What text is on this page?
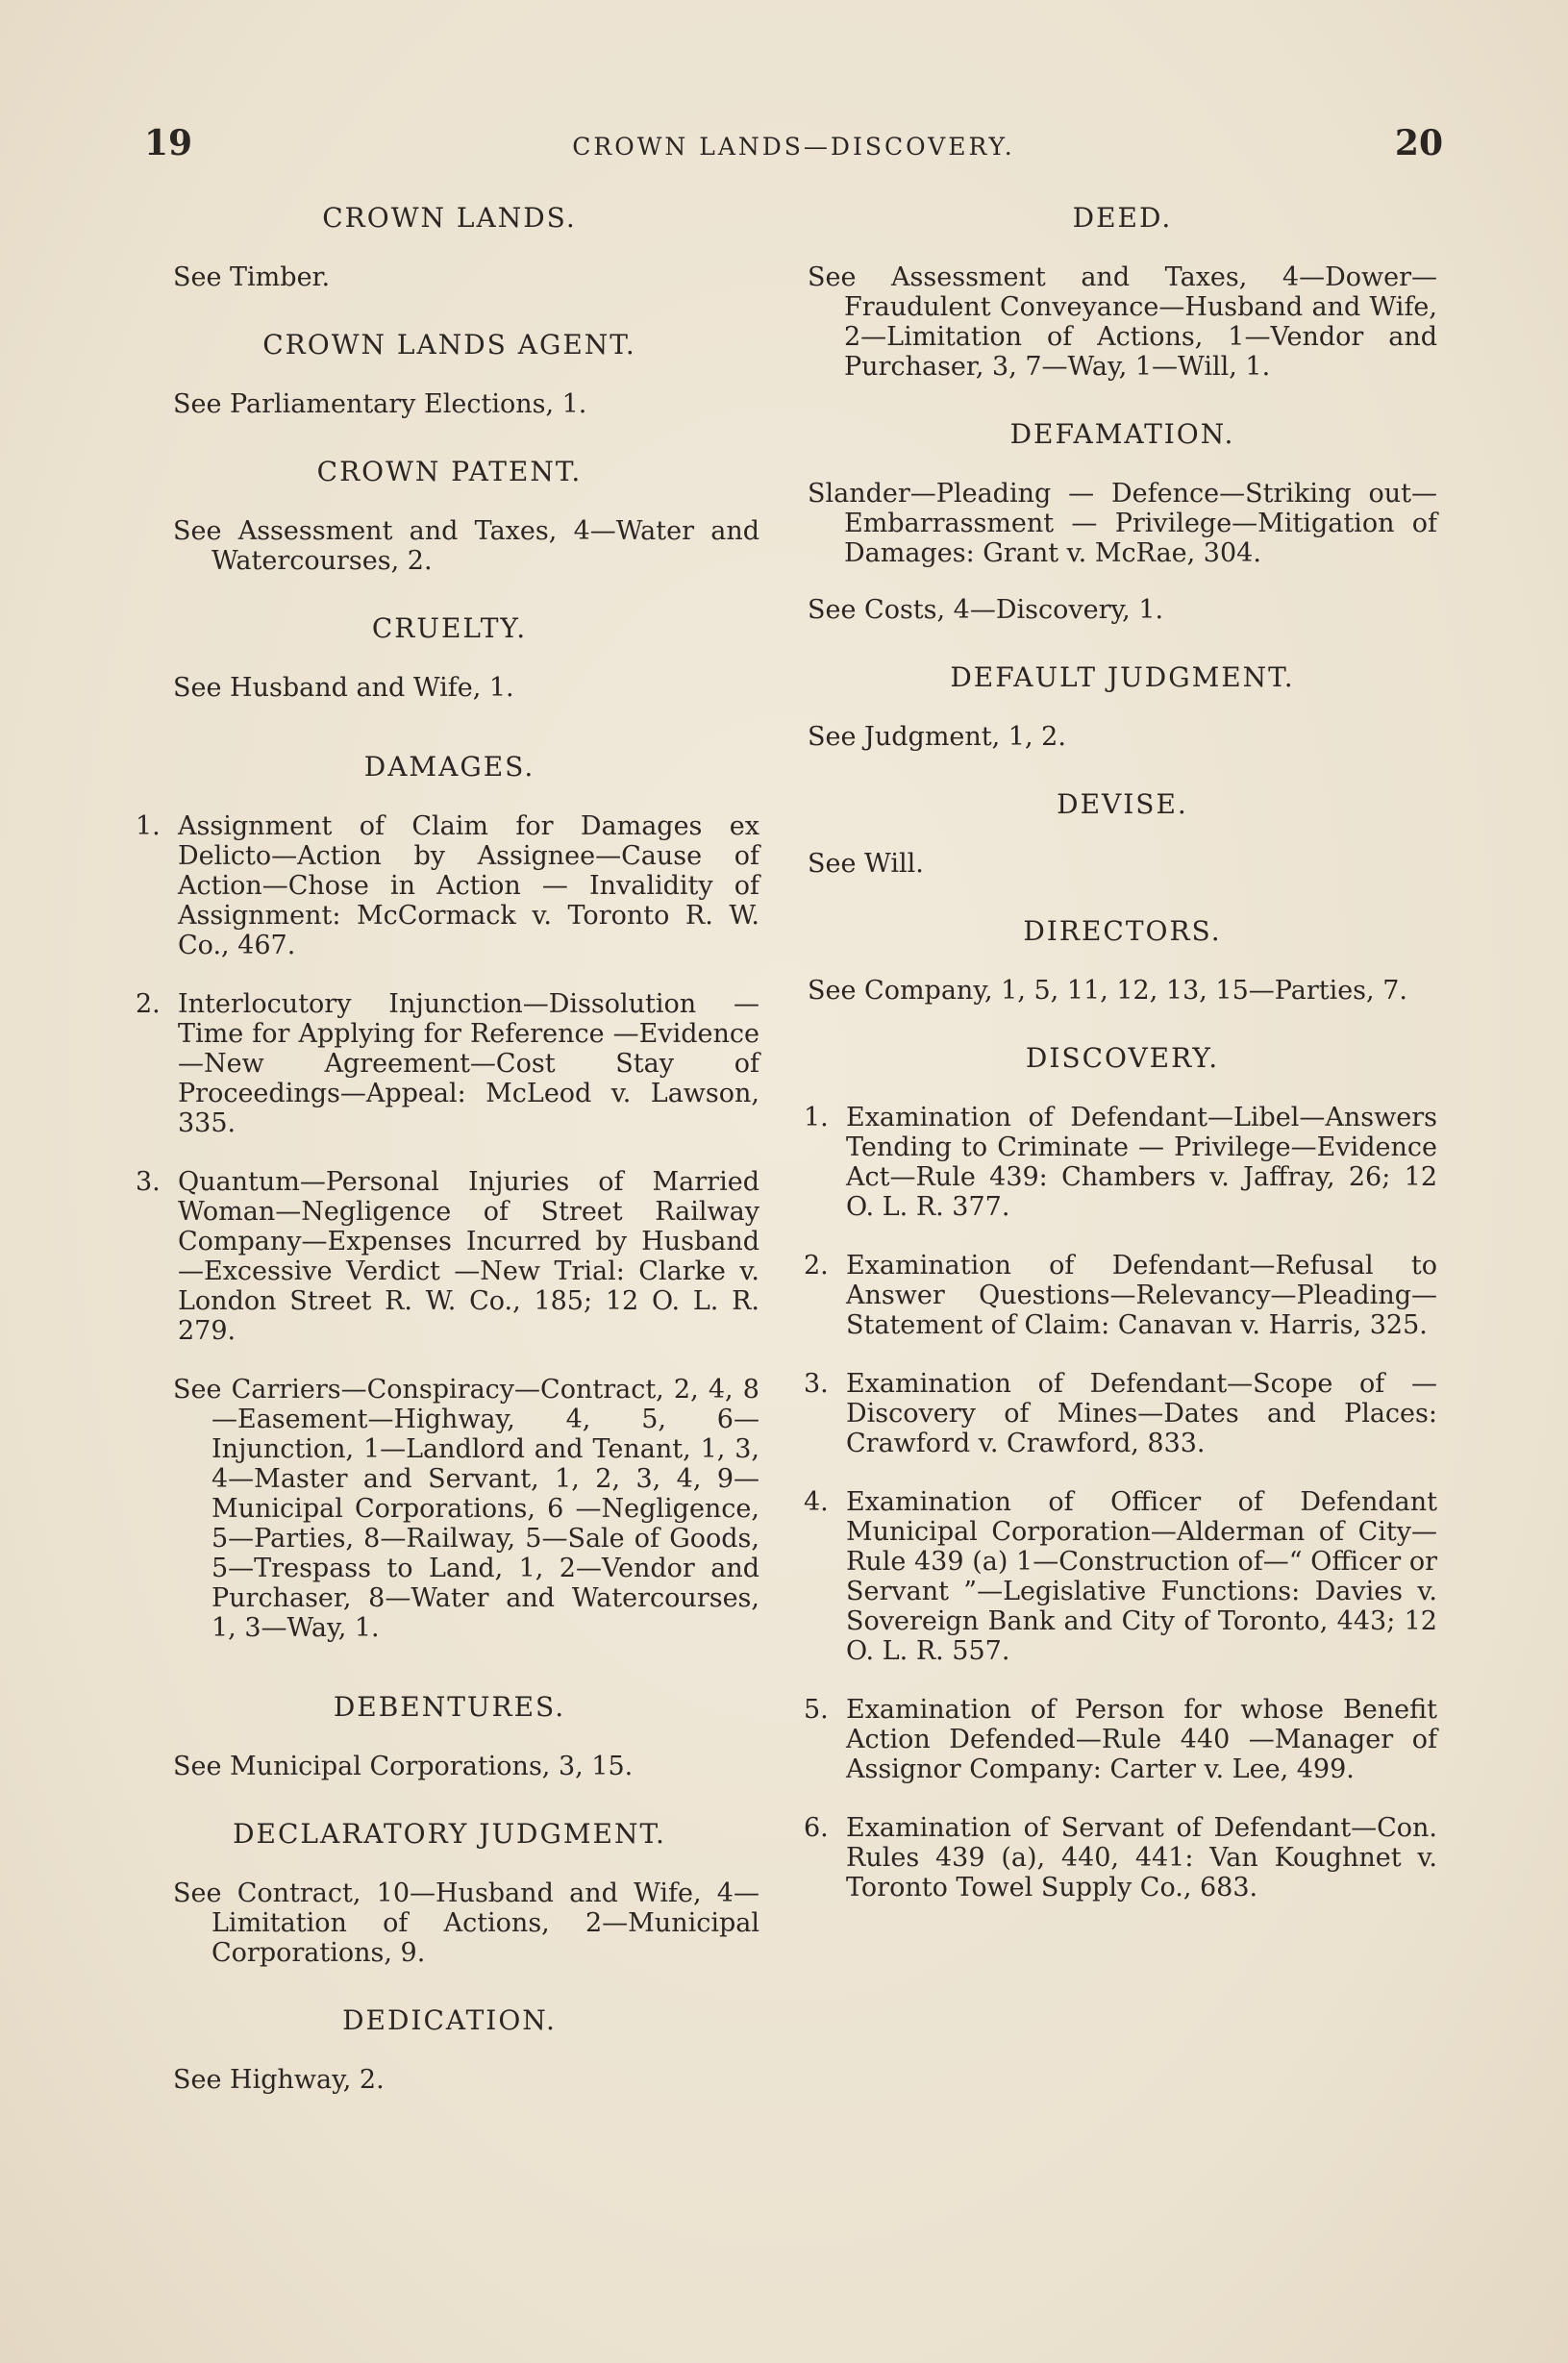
19	CROWN LANDS—DISCOVERY.	20
CROWN LANDS.
See Timber.
CROWN LANDS AGENT.
See Parliamentary Elections, 1.
CROWN PATENT.
See Assessment and Taxes, 4—Water and Watercourses, 2.
CRUELTY.
See Husband and Wife, 1.
DAMAGES.
1. Assignment of Claim for Damages ex Delicto—Action by Assignee—Cause of Action—Chose in Action — Invalidity of Assignment: McCormack v. Toronto R. W. Co., 467.
2. Interlocutory Injunction—Dissolution —Time for Applying for Reference —Evidence—New Agreement—Cost Stay of Proceedings—Appeal: McLeod v. Lawson, 335.
3. Quantum—Personal Injuries of Married Woman—Negligence of Street Railway Company—Expenses Incurred by Husband—Excessive Verdict —New Trial: Clarke v. London Street R. W. Co., 185; 12 O. L. R. 279.
See Carriers—Conspiracy—Contract, 2, 4, 8—Easement—Highway, 4, 5, 6—Injunction, 1—Landlord and Tenant, 1, 3, 4—Master and Servant, 1, 2, 3, 4, 9—Municipal Corporations, 6 —Negligence, 5—Parties, 8—Railway, 5—Sale of Goods, 5—Trespass to Land, 1, 2—Vendor and Purchaser, 8—Water and Watercourses, 1, 3—Way, 1.
DEBENTURES.
See Municipal Corporations, 3, 15.
DECLARATORY JUDGMENT.
See Contract, 10—Husband and Wife, 4—Limitation of Actions, 2—Municipal Corporations, 9.
DEDICATION.
See Highway, 2.
DEED.
See Assessment and Taxes, 4—Dower—Fraudulent Conveyance—Husband and Wife, 2—Limitation of Actions, 1—Vendor and Purchaser, 3, 7—Way, 1—Will, 1.
DEFAMATION.
Slander—Pleading — Defence—Striking out—Embarrassment — Privilege—Mitigation of Damages: Grant v. McRae, 304.
See Costs, 4—Discovery, 1.
DEFAULT JUDGMENT.
See Judgment, 1, 2.
DEVISE.
See Will.
DIRECTORS.
See Company, 1, 5, 11, 12, 13, 15—Parties, 7.
DISCOVERY.
1. Examination of Defendant—Libel—Answers Tending to Criminate — Privilege—Evidence Act—Rule 439: Chambers v. Jaffray, 26; 12 O. L. R. 377.
2. Examination of Defendant—Refusal to Answer Questions—Relevancy—Pleading—Statement of Claim: Canavan v. Harris, 325.
3. Examination of Defendant—Scope of —Discovery of Mines—Dates and Places: Crawford v. Crawford, 833.
4. Examination of Officer of Defendant Municipal Corporation—Alderman of City—Rule 439 (a) 1—Construction of—“ Officer or Servant ”—Legislative Functions: Davies v. Sovereign Bank and City of Toronto, 443; 12 O. L. R. 557.
5. Examination of Person for whose Benefit Action Defended—Rule 440 —Manager of Assignor Company: Carter v. Lee, 499.
6. Examination of Servant of Defendant—Con. Rules 439 (a), 440, 441: Van Koughnet v. Toronto Towel Supply Co., 683.
